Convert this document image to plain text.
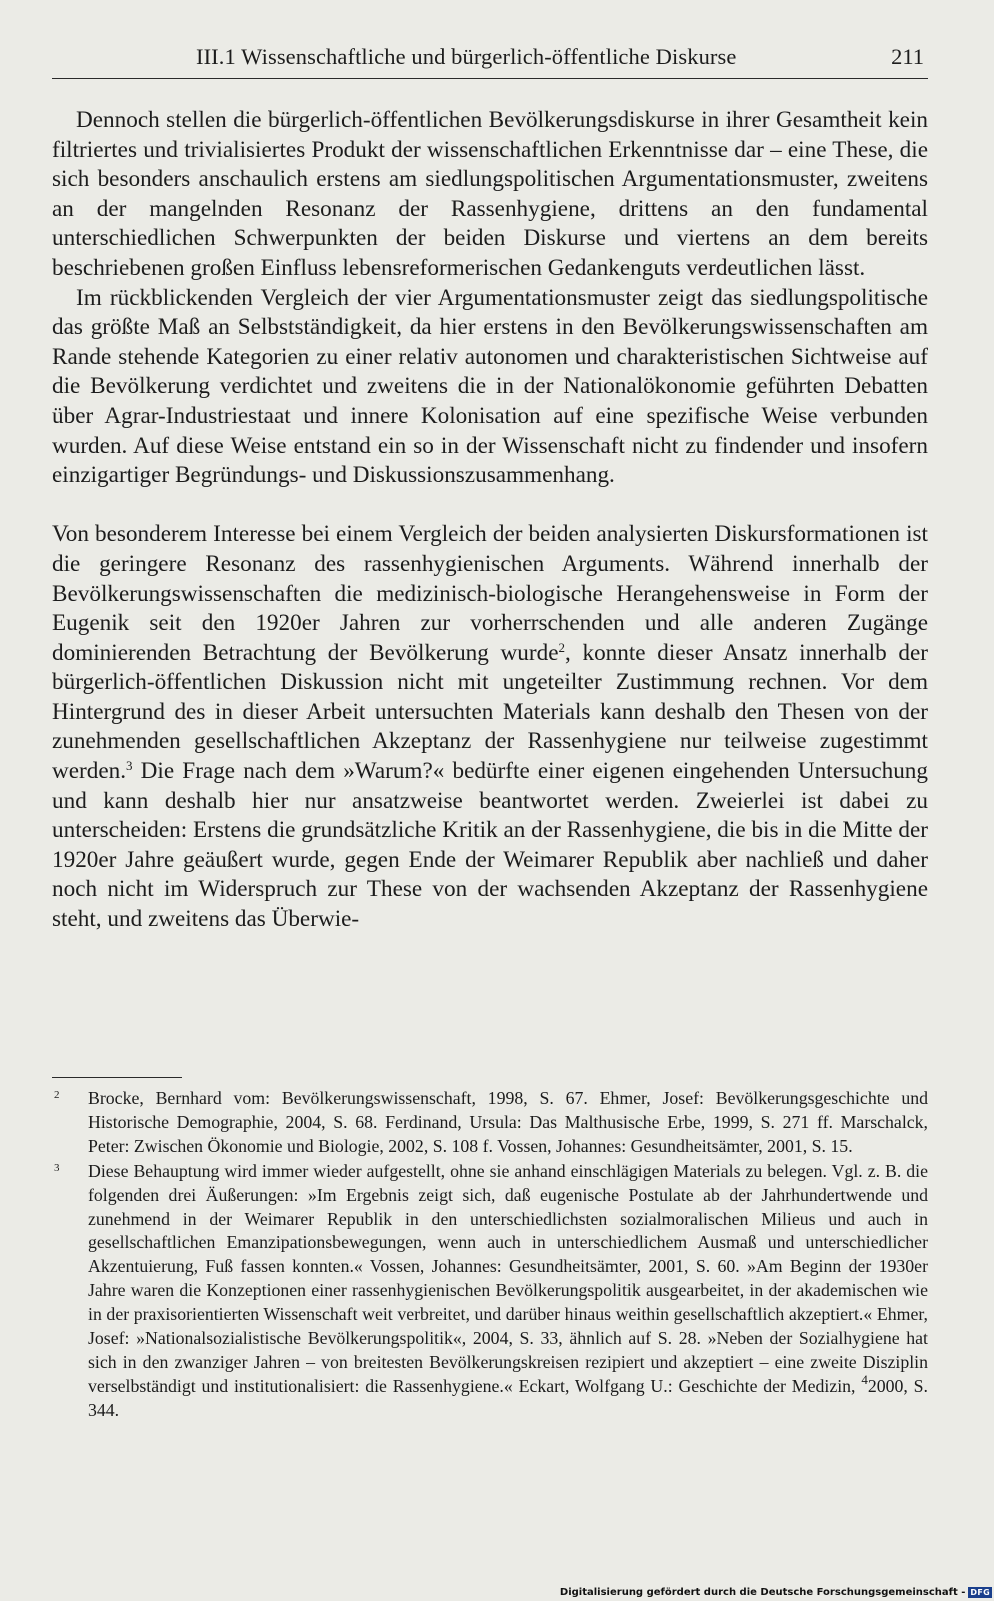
III.1 Wissenschaftliche und bürgerlich-öffentliche Diskurse	211

Dennoch stellen die bürgerlich-öffentlichen Bevölkerungsdiskurse in ihrer Gesamtheit kein filtriertes und trivialisiertes Produkt der wissenschaftlichen Erkenntnisse dar – eine These, die sich besonders anschaulich erstens am siedlungspolitischen Argumentationsmuster, zweitens an der mangelnden Resonanz der Rassenhygiene, drittens an den fundamental unterschiedlichen Schwerpunkten der beiden Diskurse und viertens an dem bereits beschriebenen großen Einfluss lebensreformerischen Gedankenguts verdeutlichen lässt.

Im rückblickenden Vergleich der vier Argumentationsmuster zeigt das siedlungspolitische das größte Maß an Selbstständigkeit, da hier erstens in den Bevölkerungswissenschaften am Rande stehende Kategorien zu einer relativ autonomen und charakteristischen Sichtweise auf die Bevölkerung verdichtet und zweitens die in der Nationalökonomie geführten Debatten über Agrar-Industriestaat und innere Kolonisation auf eine spezifische Weise verbunden wurden. Auf diese Weise entstand ein so in der Wissenschaft nicht zu findender und insofern einzigartiger Begründungs- und Diskussionszusammenhang.

Von besonderem Interesse bei einem Vergleich der beiden analysierten Diskursformationen ist die geringere Resonanz des rassenhygienischen Arguments. Während innerhalb der Bevölkerungswissenschaften die medizinisch-biologische Herangehensweise in Form der Eugenik seit den 1920er Jahren zur vorherrschenden und alle anderen Zugänge dominierenden Betrachtung der Bevölkerung wurde$^2$, konnte dieser Ansatz innerhalb der bürgerlich-öffentlichen Diskussion nicht mit ungeteilter Zustimmung rechnen. Vor dem Hintergrund des in dieser Arbeit untersuchten Materials kann deshalb den Thesen von der zunehmenden gesellschaftlichen Akzeptanz der Rassenhygiene nur teilweise zugestimmt werden.$^3$ Die Frage nach dem »Warum?« bedürfte einer eigenen eingehenden Untersuchung und kann deshalb hier nur ansatzweise beantwortet werden. Zweierlei ist dabei zu unterscheiden: Erstens die grundsätzliche Kritik an der Rassenhygiene, die bis in die Mitte der 1920er Jahre geäußert wurde, gegen Ende der Weimarer Republik aber nachließ und daher noch nicht im Widerspruch zur These von der wachsenden Akzeptanz der Rassenhygiene steht, und zweitens das Überwie-

2 Brocke, Bernhard vom: Bevölkerungswissenschaft, 1998, S. 67. Ehmer, Josef: Bevölkerungsgeschichte und Historische Demographie, 2004, S. 68. Ferdinand, Ursula: Das Malthusische Erbe, 1999, S. 271 ff. Marschalck, Peter: Zwischen Ökonomie und Biologie, 2002, S. 108 f. Vossen, Johannes: Gesundheitsämter, 2001, S. 15.
3 Diese Behauptung wird immer wieder aufgestellt, ohne sie anhand einschlägigen Materials zu belegen. Vgl. z. B. die folgenden drei Äußerungen: »Im Ergebnis zeigt sich, daß eugenische Postulate ab der Jahrhundertwende und zunehmend in der Weimarer Republik in den unterschiedlichsten sozialmoralischen Milieus und auch in gesellschaftlichen Emanzipationsbewegungen, wenn auch in unterschiedlichem Ausmaß und unterschiedlicher Akzentuierung, Fuß fassen konnten.« Vossen, Johannes: Gesundheitsämter, 2001, S. 60. »Am Beginn der 1930er Jahre waren die Konzeptionen einer rassenhygienischen Bevölkerungspolitik ausgearbeitet, in der akademischen wie in der praxisorientierten Wissenschaft weit verbreitet, und darüber hinaus weithin gesellschaftlich akzeptiert.« Ehmer, Josef: »Nationalsozialistische Bevölkerungspolitik«, 2004, S. 33, ähnlich auf S. 28. »Neben der Sozialhygiene hat sich in den zwanziger Jahren – von breitesten Bevölkerungskreisen rezipiert und akzeptiert – eine zweite Disziplin verselbständigt und institutionalisiert: die Rassenhygiene.« Eckart, Wolfgang U.: Geschichte der Medizin, $^4$2000, S. 344.
Digitalisierung gefördert durch die Deutsche Forschungsgemeinschaft - DFG
